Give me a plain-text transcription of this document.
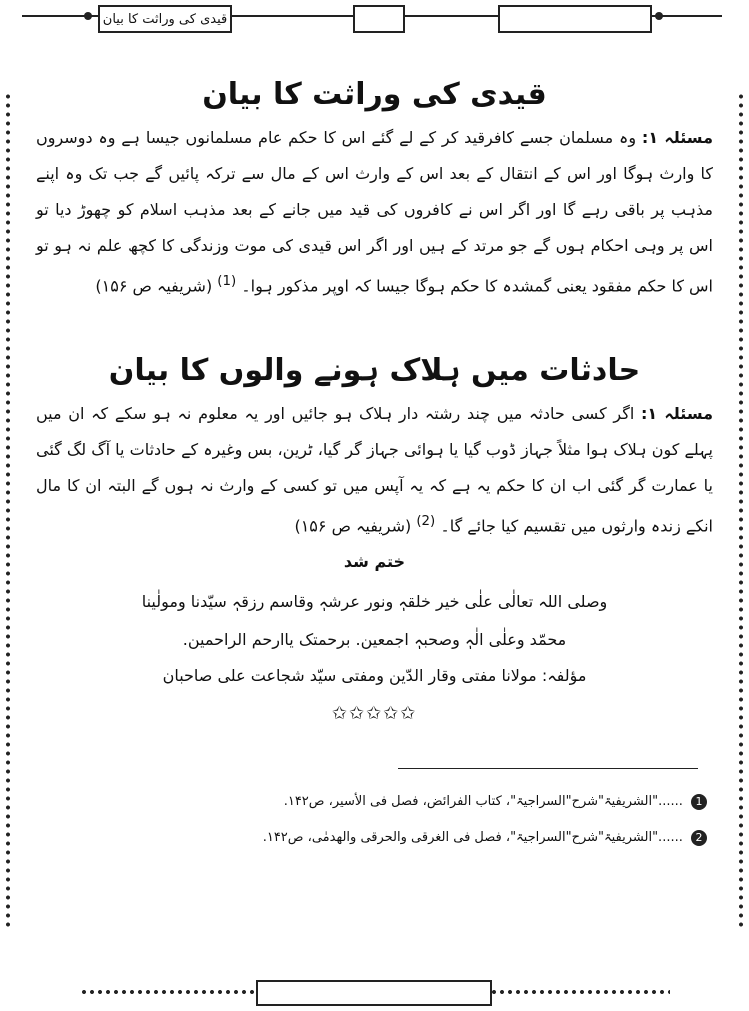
قیدی کی وراثت کا بیان
قیدی کی وراثت کا بیان

مسئلہ ۱: وہ مسلمان جسے کافرقید کر کے لے گئے اس کا حکم عام مسلمانوں جیسا ہے وہ دوسروں کا وارث ہوگا اور اس کے انتقال کے بعد اس کے وارث اس کے مال سے ترکہ پائیں گے جب تک وہ اپنے مذہب پر باقی رہے گا اور اگر اس نے کافروں کی قید میں جانے کے بعد مذہب اسلام کو چھوڑ دیا تو اس پر وہی احکام ہوں گے جو مرتد کے ہیں اور اگر اس قیدی کی موت وزندگی کا کچھ علم نہ ہو تو اس کا حکم مفقود یعنی گمشدہ کا حکم ہوگا جیسا کہ اوپر مذکور ہوا۔ $^{(1)}$ (شریفیہ ص ۱۵۶)

حادثات میں ہلاک ہونے والوں کا بیان

مسئلہ ۱: اگر کسی حادثہ میں چند رشتہ دار ہلاک ہو جائیں اور یہ معلوم نہ ہو سکے کہ ان میں پہلے کون ہلاک ہوا مثلاً جہاز ڈوب گیا یا ہوائی جہاز گر گیا، ٹرین، بس وغیرہ کے حادثات یا آگ لگ گئی یا عمارت گر گئی اب ان کا حکم یہ ہے کہ یہ آپس میں تو کسی کے وارث نہ ہوں گے البتہ ان کا مال انکے زندہ وارثوں میں تقسیم کیا جائے گا۔ $^{(2)}$ (شریفیہ ص ۱۵۶)

ختم شد

وصلی اللہ تعالٰی علٰی خیر خلقہٖ ونور عرشہٖ وقاسم رزقہٖ سیّدنا ومولٰینا

محمّد وعلٰی الٰہٖ وصحبہٖ اجمعین. برحمتک یاارحم الراحمین.

مؤلفہ: مولانا مفتی وقار الدّین ومفتی سیّد شجاعت علی صاحبان

✩✩✩✩✩

1 ......"الشریفیۃ"شرح"السراجیۃ"، کتاب الفرائض، فصل فی الأسیر، ص۱۴۲.
2 ......"الشریفیۃ"شرح"السراجیۃ"، فصل فی الغرقی والحرقی والھدمٰی، ص۱۴۲.
